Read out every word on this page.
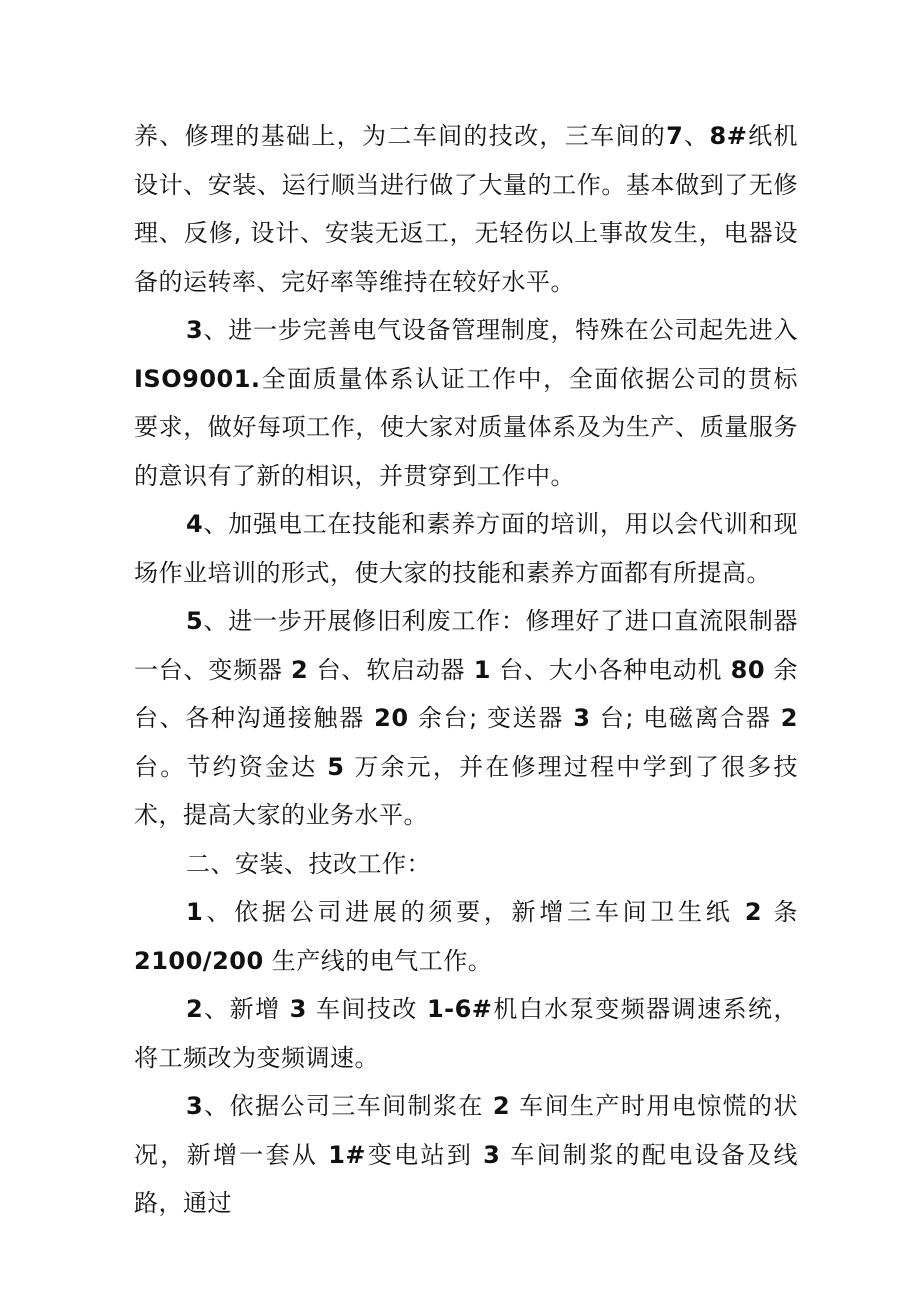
养、修理的基础上，为二车间的技改，三车间的7、8#纸机设计、安装、运行顺当进行做了大量的工作。基本做到了无修理、反修, 设计、安装无返工，无轻伤以上事故发生，电器设备的运转率、完好率等维持在较好水平。

3、进一步完善电气设备管理制度，特殊在公司起先进入ISO9001.全面质量体系认证工作中，全面依据公司的贯标要求，做好每项工作，使大家对质量体系及为生产、质量服务的意识有了新的相识，并贯穿到工作中。

4、加强电工在技能和素养方面的培训，用以会代训和现场作业培训的形式，使大家的技能和素养方面都有所提高。

5、进一步开展修旧利废工作：修理好了进口直流限制器一台、变频器 2 台、软启动器 1 台、大小各种电动机 80 余台、各种沟通接触器 20 余台; 变送器 3 台; 电磁离合器 2 台。节约资金达 5 万余元，并在修理过程中学到了很多技术，提高大家的业务水平。

二、安装、技改工作：

1、依据公司进展的须要，新增三车间卫生纸 2 条 2100/200 生产线的电气工作。

2、新增 3 车间技改 1-6#机白水泵变频器调速系统，将工频改为变频调速。

3、依据公司三车间制浆在 2 车间生产时用电惊慌的状况，新增一套从 1#变电站到 3 车间制浆的配电设备及线路，通过
